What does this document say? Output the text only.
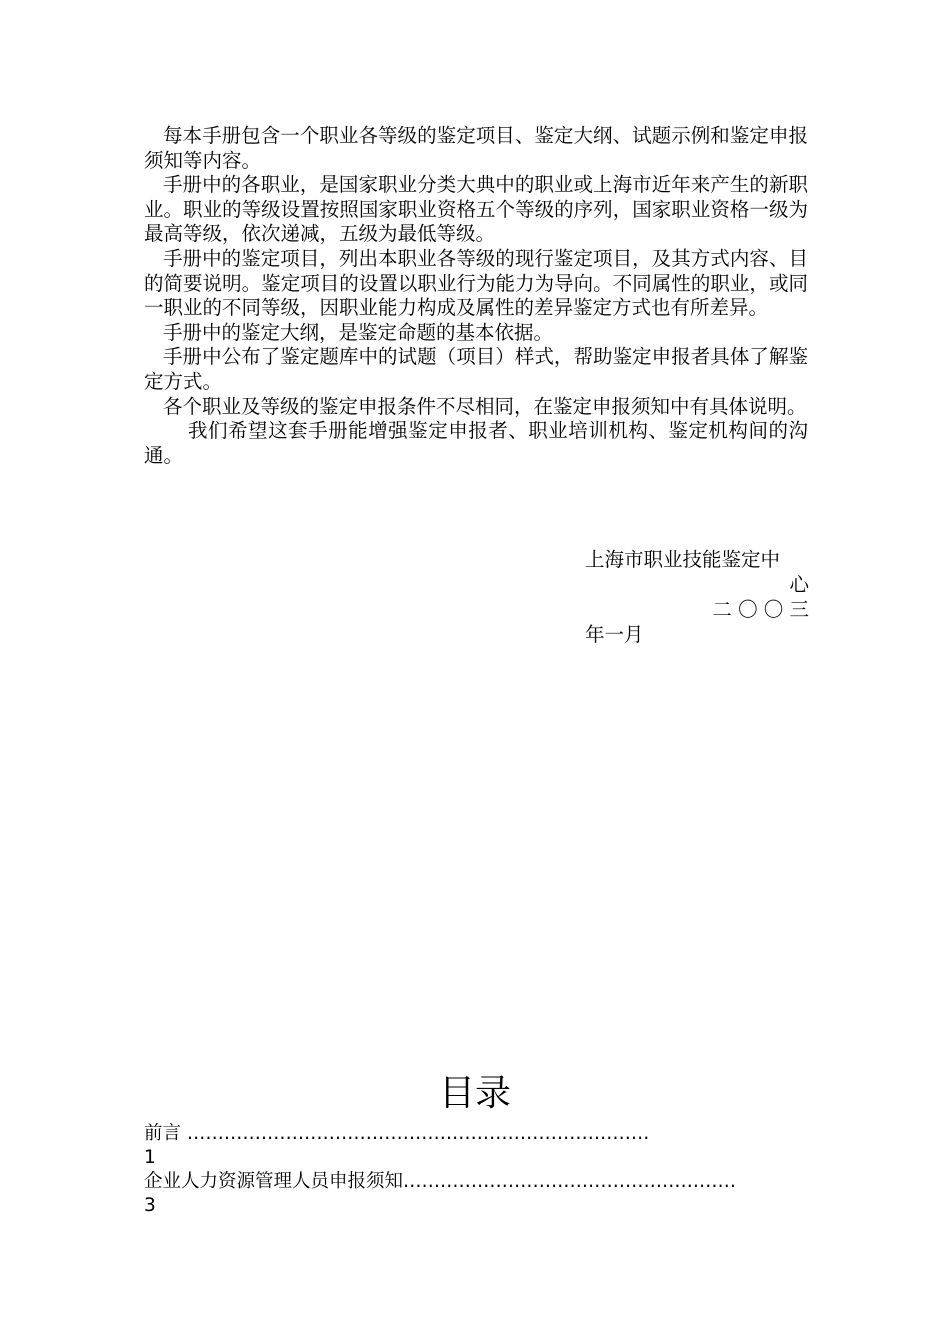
每本手册包含一个职业各等级的鉴定项目、鉴定大纲、试题示例和鉴定申报须知等内容。

手册中的各职业，是国家职业分类大典中的职业或上海市近年来产生的新职业。职业的等级设置按照国家职业资格五个等级的序列，国家职业资格一级为最高等级，依次递减，五级为最低等级。

手册中的鉴定项目，列出本职业各等级的现行鉴定项目，及其方式内容、目的简要说明。鉴定项目的设置以职业行为能力为导向。不同属性的职业，或同一职业的不同等级，因职业能力构成及属性的差异鉴定方式也有所差异。

手册中的鉴定大纲，是鉴定命题的基本依据。

手册中公布了鉴定题库中的试题（项目）样式，帮助鉴定申报者具体了解鉴定方式。

各个职业及等级的鉴定申报条件不尽相同，在鉴定申报须知中有具体说明。

我们希望这套手册能增强鉴定申报者、职业培训机构、鉴定机构间的沟通。

上海市职业技能鉴定中
心
二 〇 〇 三
年一月
目录
前言 …………………………………………………………………
1
企业人力资源管理人员申报须知………………………………………………
3
